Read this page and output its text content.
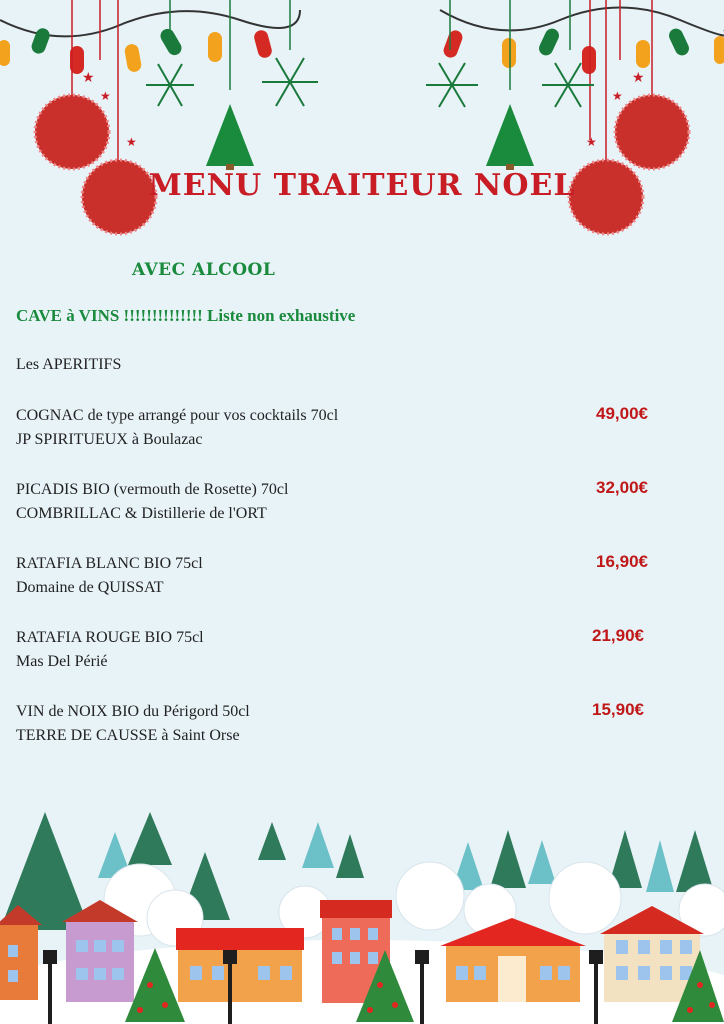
★
★
★	★
★
★
MENU TRAITEUR NOEL
AVEC ALCOOL
CAVE à VINS !!!!!!!!!!!!!! Liste non exhaustive
Les APERITIFS
COGNAC de type arrangé pour vos cocktails 70cl
JP SPIRITUEUX à Boulazac
49,00€
PICADIS BIO (vermouth de Rosette) 70cl
COMBRILLAC & Distillerie de l'ORT
32,00€
RATAFIA BLANC BIO 75cl
Domaine de QUISSAT
16,90€
RATAFIA ROUGE BIO 75cl
Mas Del Périé
21,90€
VIN de NOIX BIO du Périgord 50cl
TERRE DE CAUSSE à Saint Orse
15,90€
